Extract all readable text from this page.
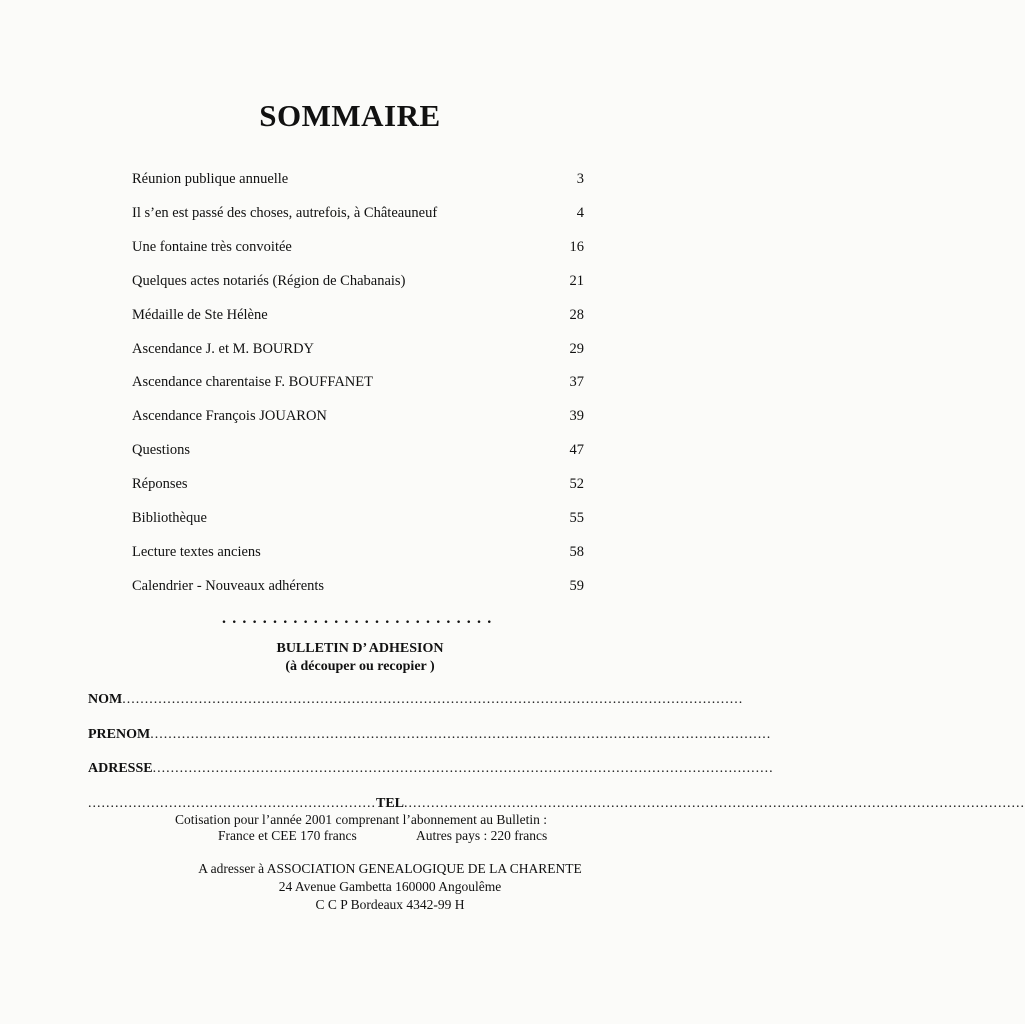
SOMMAIRE
Réunion publique annuelle	3
Il s’en est passé des choses, autrefois, à Châteauneuf	4
Une fontaine très convoitée	16
Quelques actes notariés (Région de Chabanais)	21
Médaille de Ste Hélène	28
Ascendance J. et M. BOURDY	29
Ascendance charentaise F. BOUFFANET	37
Ascendance François JOUARON	39
Questions	47
Réponses	52
Bibliothèque	55
Lecture textes anciens	58
Calendrier - Nouveaux adhérents	59
...........................
BULLETIN D’ ADHESION
(à découper ou recopier )
NOM..........................................................................................................................................
PRENOM..........................................................................................................................................
ADRESSE..........................................................................................................................................
................................................................TEL..........................................................................................................................................
Cotisation pour l’année 2001 comprenant l’abonnement au Bulletin :
France et CEE 170 francs	Autres pays : 220 francs
A adresser à ASSOCIATION GENEALOGIQUE DE LA CHARENTE
24 Avenue Gambetta 160000 Angoulême
C C P Bordeaux 4342-99 H
